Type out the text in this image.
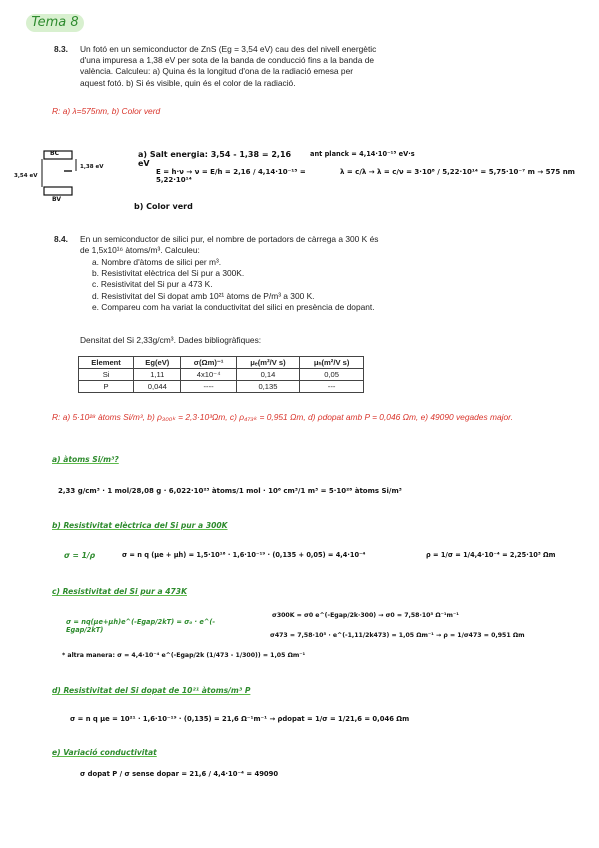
Tema 8
8.3. Un fotó en un semiconductor de ZnS (Eg = 3,54 eV) cau des del nivell energètic d'una impuresa a 1,38 eV per sota de la banda de conducció fins a la banda de valència. Calculeu: a) Quina és la longitud d'ona de la radiació emesa per aquest fotó. b) Si és visible, quin és el color de la radiació.
R: a) λ=575nm, b) Color verd
BC
BV
3,54 eV
1,38 eV
a) Salt energia: 3,54 - 1,38 = 2,16 eV
ant planck = 4,14·10⁻¹⁵ eV·s
E = h·ν → ν = E/h = 2,16 / 4,14·10⁻¹⁵ = 5,22·10¹⁴
λ = c/λ → λ = c/ν = 3·10⁸ / 5,22·10¹⁴ = 5,75·10⁻⁷ m → 575 nm
b) Color verd
8.4. En un semiconductor de silici pur, el nombre de portadors de càrrega a 300 K és de 1,5x10¹⁶ àtoms/m³. Calculeu:
a. Nombre d'àtoms de silici per m³.
b. Resistivitat elèctrica del Si pur a 300K.
c. Resistivitat del Si pur a 473 K.
d. Resistivitat del Si dopat amb 10²¹ àtoms de P/m³ a 300 K.
e. Compareu com ha variat la conductivitat del silici en presència de dopant.
Densitat del Si 2,33g/cm³. Dades bibliogràfiques:
Element	Eg(eV)	σ(Ωm)⁻¹	μₑ(m²/V s)	μₕ(m²/V s)
Si	1,11	4x10⁻⁴	0,14	0,05
P	0,044	----	0,135	---
R: a) 5·10²⁸ àtoms Si/m³, b) ρ₃₀₀ₖ = 2,3·10³Ωm, c) ρ₄₇₃ₖ = 0,951 Ωm, d) ρdopat amb P = 0,046 Ωm, e) 49090 vegades major.
a) àtoms Si/m³?
2,33 g/cm³ · 1 mol/28,08 g · 6,022·10²³ àtoms/1 mol · 10⁶ cm³/1 m³ = 5·10²⁸ àtoms Si/m³
b) Resistivitat elèctrica del Si pur a 300K
σ = 1/ρ	σ = n q (μe + μh) = 1,5·10¹⁶ · 1,6·10⁻¹⁹ · (0,135 + 0,05) = 4,4·10⁻⁴	ρ = 1/σ = 1/4,4·10⁻⁴ = 2,25·10³ Ωm
c) Resistivitat del Si pur a 473K
σ = nq(μe+μh)e^(-Egap/2kT) = σ₀ · e^(-Egap/2kT)
σ300K = σ0 e^(-Egap/2k·300) → σ0 = 7,58·10⁵ Ω⁻¹m⁻¹
σ473 = 7,58·10⁵ · e^(-1,11/2k473) = 1,05 Ωm⁻¹ → ρ = 1/σ473 = 0,951 Ωm
* altra manera: σ = 4,4·10⁻⁴ e^(-Egap/2k (1/473 - 1/300)) = 1,05 Ωm⁻¹
d) Resistivitat del Si dopat de 10²¹ àtoms/m³ P
σ = n q μe = 10²¹ · 1,6·10⁻¹⁹ · (0,135) = 21,6 Ω⁻¹m⁻¹ → ρdopat = 1/σ = 1/21,6 = 0,046 Ωm
e) Variació conductivitat
σ dopat P / σ sense dopar = 21,6 / 4,4·10⁻⁴ = 49090
